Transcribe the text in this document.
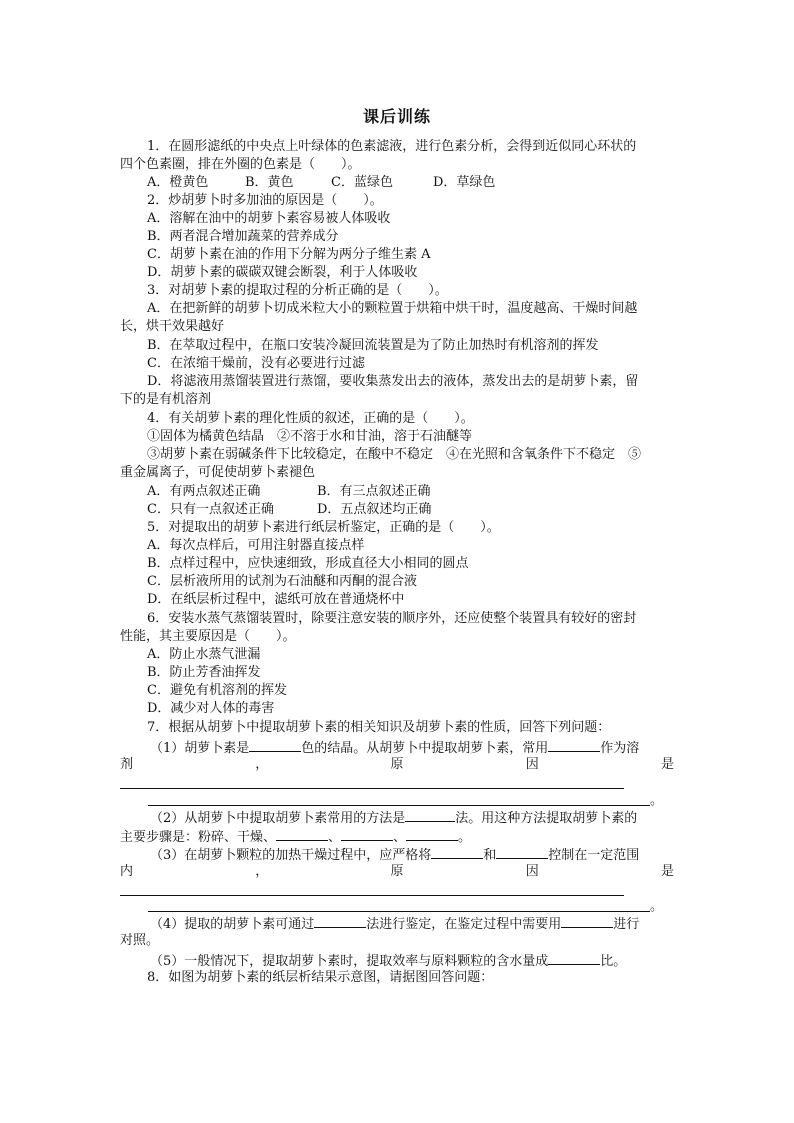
课后训练
1．在圆形滤纸的中央点上叶绿体的色素滤液，进行色素分析，会得到近似同心环状的
四个色素圈，排在外圈的色素是（　　）。
A．橙黄色	B．黄色	C．蓝绿色	D．草绿色
2．炒胡萝卜时多加油的原因是（　　）。
A．溶解在油中的胡萝卜素容易被人体吸收
B．两者混合增加蔬菜的营养成分
C．胡萝卜素在油的作用下分解为两分子维生素 A
D．胡萝卜素的碳碳双键会断裂，利于人体吸收
3．对胡萝卜素的提取过程的分析正确的是（　　）。
A．在把新鲜的胡萝卜切成米粒大小的颗粒置于烘箱中烘干时，温度越高、干燥时间越
长，烘干效果越好
B．在萃取过程中，在瓶口安装冷凝回流装置是为了防止加热时有机溶剂的挥发
C．在浓缩干燥前，没有必要进行过滤
D．将滤液用蒸馏装置进行蒸馏，要收集蒸发出去的液体，蒸发出去的是胡萝卜素，留
下的是有机溶剂
4．有关胡萝卜素的理化性质的叙述，正确的是（　　）。
①固体为橘黄色结晶　②不溶于水和甘油，溶于石油醚等
③胡萝卜素在弱碱条件下比较稳定，在酸中不稳定　④在光照和含氧条件下不稳定　⑤
重金属离子，可促使胡萝卜素褪色
A．有两点叙述正确	B．有三点叙述正确
C．只有一点叙述正确	D．五点叙述均正确
5．对提取出的胡萝卜素进行纸层析鉴定，正确的是（　　）。
A．每次点样后，可用注射器直接点样
B．点样过程中，应快速细致，形成直径大小相同的圆点
C．层析液所用的试剂为石油醚和丙酮的混合液
D．在纸层析过程中，滤纸可放在普通烧杯中
6．安装水蒸气蒸馏装置时，除要注意安装的顺序外，还应使整个装置具有较好的密封
性能，其主要原因是（　　）。
A．防止水蒸气泄漏
B．防止芳香油挥发
C．避免有机溶剂的挥发
D．减少对人体的毒害
7．根据从胡萝卜中提取胡萝卜素的相关知识及胡萝卜素的性质，回答下列问题：
（1）胡萝卜素是	色的结晶。从胡萝卜中提取胡萝卜素，常用	作为溶
剂	，	原	因	是
。
（2）从胡萝卜中提取胡萝卜素常用的方法是	法。用这种方法提取胡萝卜素的
主要步骤是：粉碎、干燥、	、	、	。
（3）在胡萝卜颗粒的加热干燥过程中，应严格将	和	控制在一定范围
内	，	原	因	是
。
（4）提取的胡萝卜素可通过	法进行鉴定，在鉴定过程中需要用	进行
对照。
（5）一般情况下，提取胡萝卜素时，提取效率与原料颗粒的含水量成	比。
8．如图为胡萝卜素的纸层析结果示意图，请据图回答问题：
